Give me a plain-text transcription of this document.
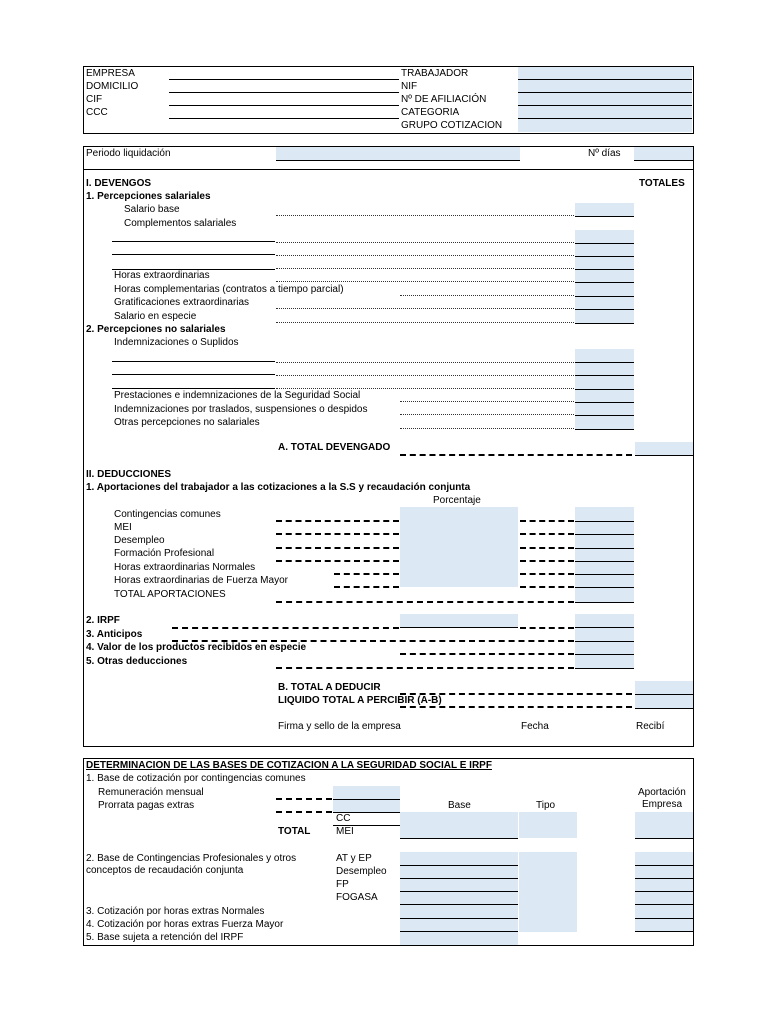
EMPRESA
DOMICILIO
CIF
CCC
TRABAJADOR
NIF
Nº DE AFILIACIÓN
CATEGORIA
GRUPO COTIZACION
Periodo liquidación	Nº días
I. DEVENGOS	TOTALES
1. Percepciones salariales
Salario base
Complementos salariales
Horas extraordinarias
Horas complementarias (contratos a tiempo parcial)
Gratificaciones extraordinarias
Salario en especie
2. Percepciones no salariales
Indemnizaciones o Suplidos
Prestaciones e indemnizaciones de la Seguridad Social
Indemnizaciones por traslados, suspensiones o despidos
Otras percepciones no salariales
A. TOTAL DEVENGADO
II. DEDUCCIONES
1. Aportaciones del trabajador a las cotizaciones a la S.S y recaudación conjunta
Porcentaje
Contingencias comunes
MEI
Desempleo
Formación Profesional
Horas extraordinarias Normales
Horas extraordinarias de Fuerza Mayor
TOTAL APORTACIONES
2. IRPF
3. Anticipos
4. Valor de los productos recibidos en especie
5. Otras deducciones
B. TOTAL A DEDUCIR
LIQUIDO TOTAL A PERCIBIR (A-B)
Firma y sello de la empresa	Fecha	Recibí
DETERMINACION DE LAS BASES DE COTIZACION A LA SEGURIDAD SOCIAL E IRPF
1. Base de cotización por contingencias comunes
Remuneración mensual
Prorrata pagas extras
Aportación
Empresa
Base	Tipo
CC
MEI
TOTAL
2. Base de Contingencias Profesionales y otros
conceptos de recaudación conjunta
AT y EP
Desempleo
FP
FOGASA
3. Cotización por horas extras Normales
4. Cotización por horas extras Fuerza Mayor
5. Base sujeta a retención del IRPF
